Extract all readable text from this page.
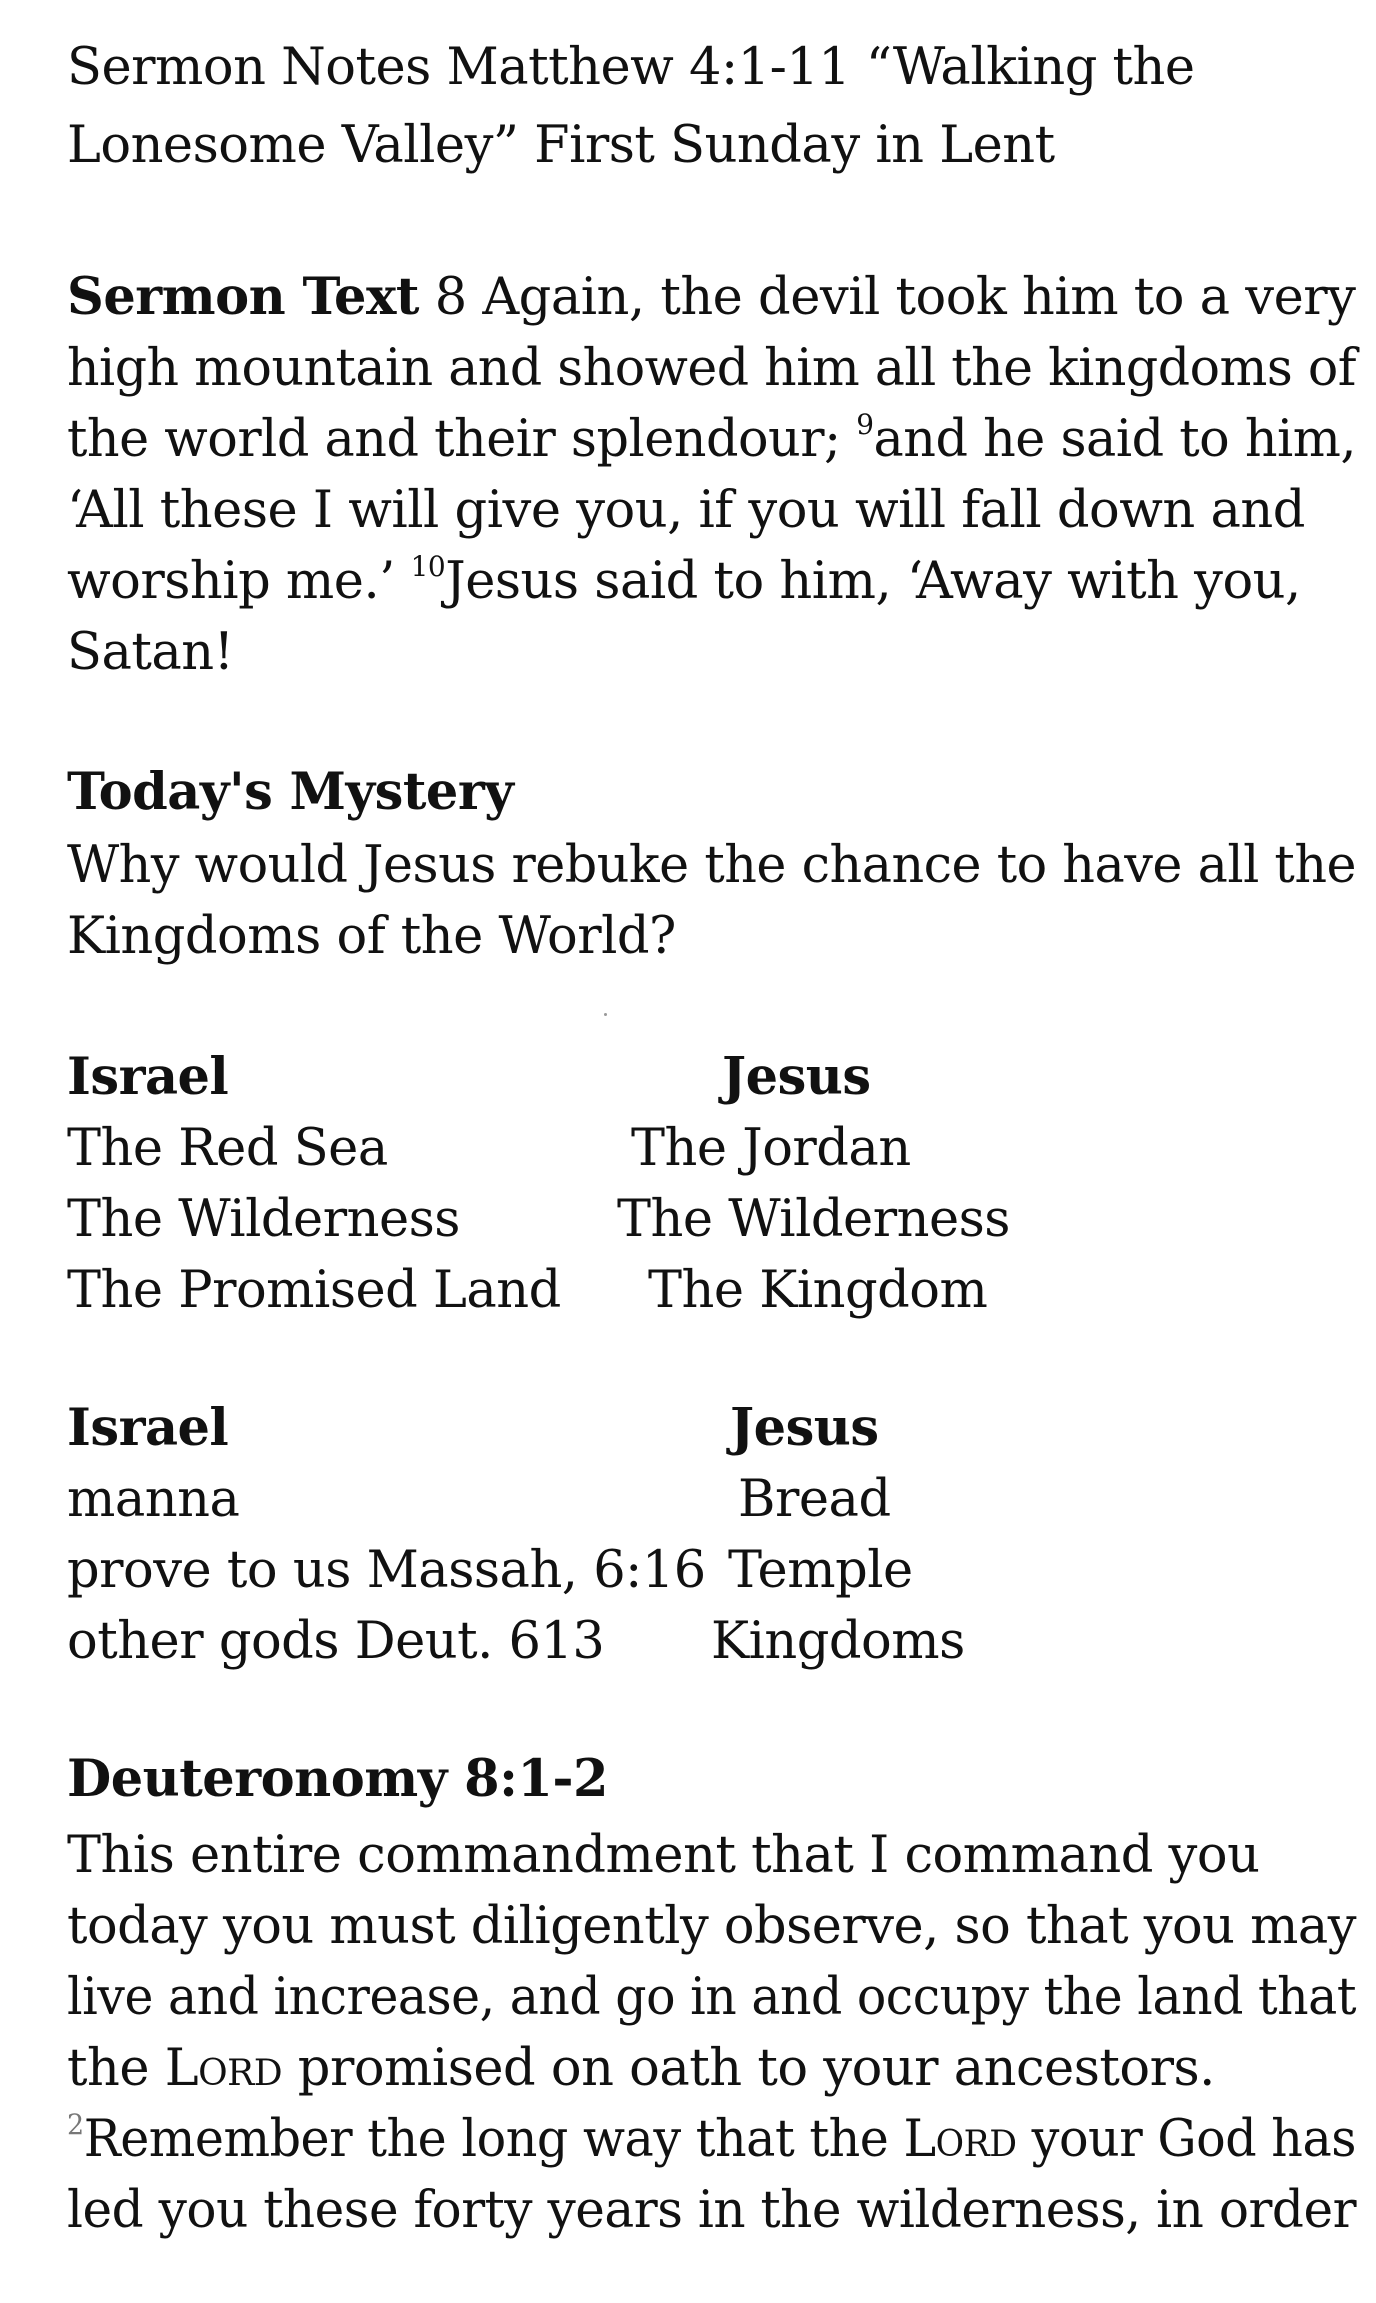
Sermon Notes Matthew 4:1-11 “Walking the
Lonesome Valley” First Sunday in Lent
Sermon Text 8 Again, the devil took him to a very
high mountain and showed him all the kingdoms of
the world and their splendour; $^9$and he said to him,
‘All these I will give you, if you will fall down and
worship me.’ $^{10}$Jesus said to him, ‘Away with you,
Satan!
Today's Mystery
Why would Jesus rebuke the chance to have all the
Kingdoms of the World?
Israel	Jesus
The Red Sea	The Jordan
The Wilderness	The Wilderness
The Promised Land The Kingdom
Israel	Jesus
manna	Bread
prove to us Massah, 6:16 Temple
other gods Deut. 613 Kingdoms
Deuteronomy 8:1-2
This entire commandment that I command you
today you must diligently observe, so that you may
live and increase, and go in and occupy the land that
the Lord promised on oath to your ancestors.
$^2$Remember the long way that the Lord your God has
led you these forty years in the wilderness, in order
